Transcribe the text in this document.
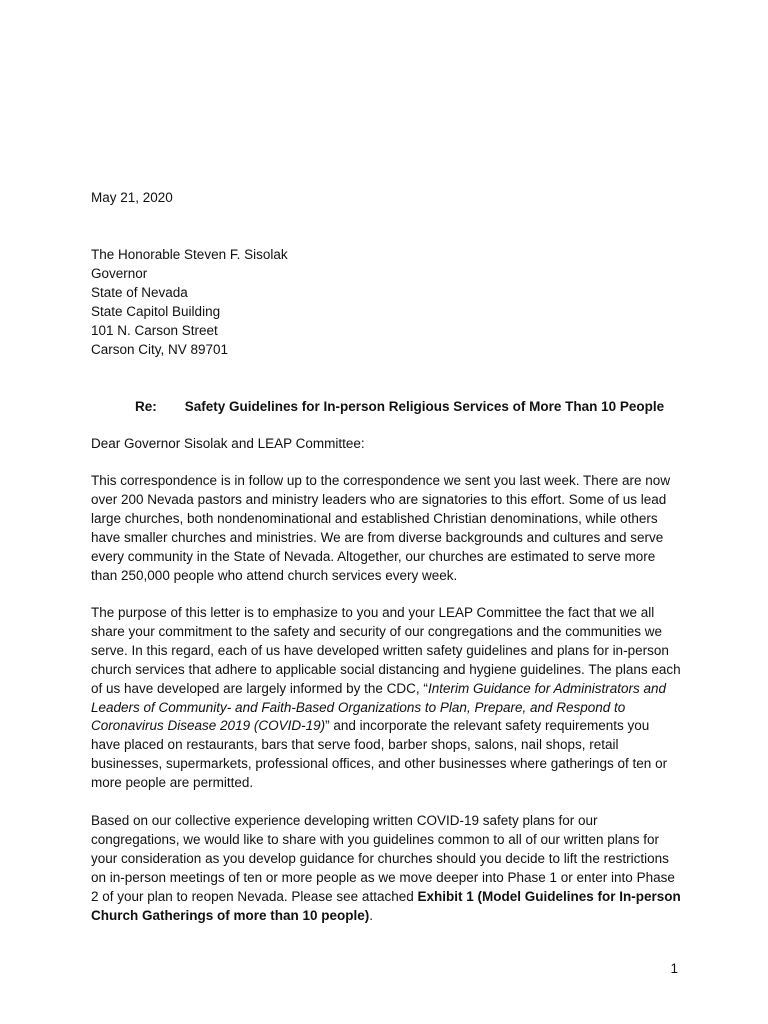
May 21, 2020
The Honorable Steven F. Sisolak
Governor
State of Nevada
State Capitol Building
101 N. Carson Street
Carson City, NV 89701
Re: Safety Guidelines for In-person Religious Services of More Than 10 People
Dear Governor Sisolak and LEAP Committee:
This correspondence is in follow up to the correspondence we sent you last week. There are now over 200 Nevada pastors and ministry leaders who are signatories to this effort. Some of us lead large churches, both nondenominational and established Christian denominations, while others have smaller churches and ministries. We are from diverse backgrounds and cultures and serve every community in the State of Nevada. Altogether, our churches are estimated to serve more than 250,000 people who attend church services every week.
The purpose of this letter is to emphasize to you and your LEAP Committee the fact that we all share your commitment to the safety and security of our congregations and the communities we serve. In this regard, each of us have developed written safety guidelines and plans for in-person church services that adhere to applicable social distancing and hygiene guidelines. The plans each of us have developed are largely informed by the CDC, “Interim Guidance for Administrators and Leaders of Community- and Faith-Based Organizations to Plan, Prepare, and Respond to Coronavirus Disease 2019 (COVID-19)” and incorporate the relevant safety requirements you have placed on restaurants, bars that serve food, barber shops, salons, nail shops, retail businesses, supermarkets, professional offices, and other businesses where gatherings of ten or more people are permitted.
Based on our collective experience developing written COVID-19 safety plans for our congregations, we would like to share with you guidelines common to all of our written plans for your consideration as you develop guidance for churches should you decide to lift the restrictions on in-person meetings of ten or more people as we move deeper into Phase 1 or enter into Phase 2 of your plan to reopen Nevada. Please see attached Exhibit 1 (Model Guidelines for In-person Church Gatherings of more than 10 people).
1
